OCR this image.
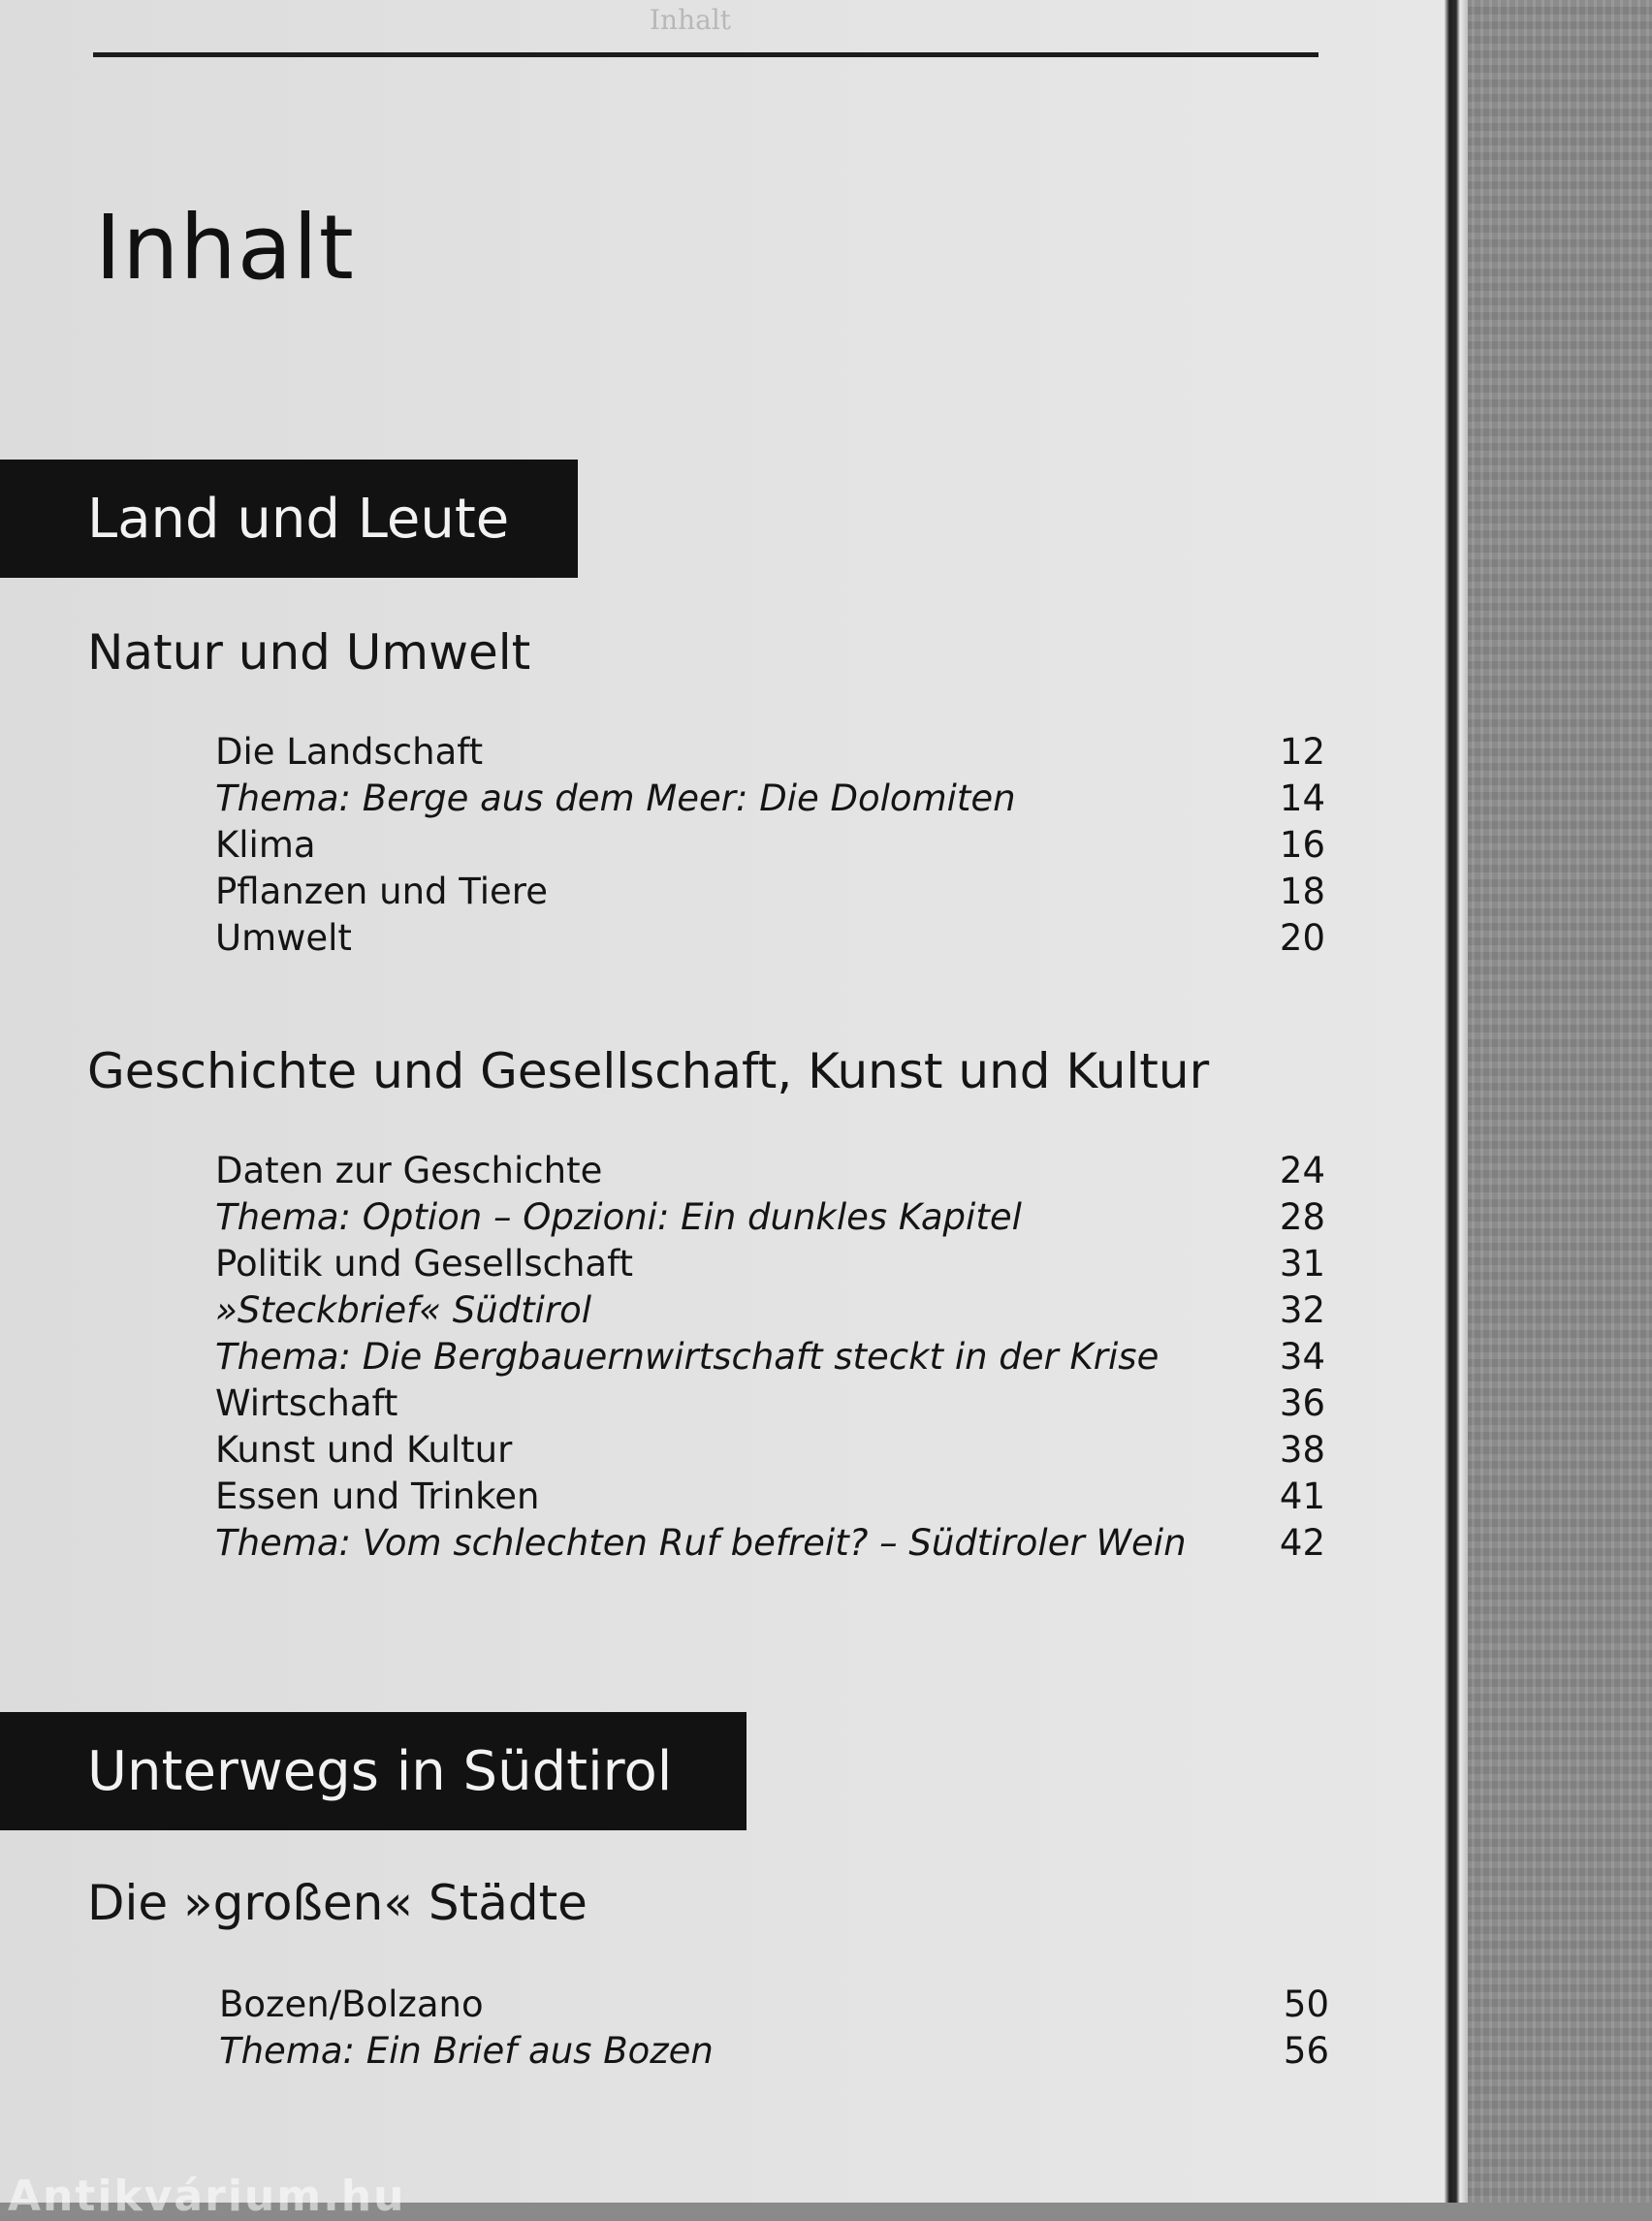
Inhalt
Inhalt
Land und Leute
Natur und Umwelt
Die Landschaft	12
Thema: Berge aus dem Meer: Die Dolomiten	14
Klima	16
Pflanzen und Tiere	18
Umwelt	20
Geschichte und Gesellschaft, Kunst und Kultur
Daten zur Geschichte	24
Thema: Option – Opzioni: Ein dunkles Kapitel	28
Politik und Gesellschaft	31
»Steckbrief« Südtirol	32
Thema: Die Bergbauernwirtschaft steckt in der Krise	34
Wirtschaft	36
Kunst und Kultur	38
Essen und Trinken	41
Thema: Vom schlechten Ruf befreit? – Südtiroler Wein	42
Unterwegs in Südtirol
Die »großen« Städte
Bozen/Bolzano	50
Thema: Ein Brief aus Bozen	56
Antikvárium.hu
